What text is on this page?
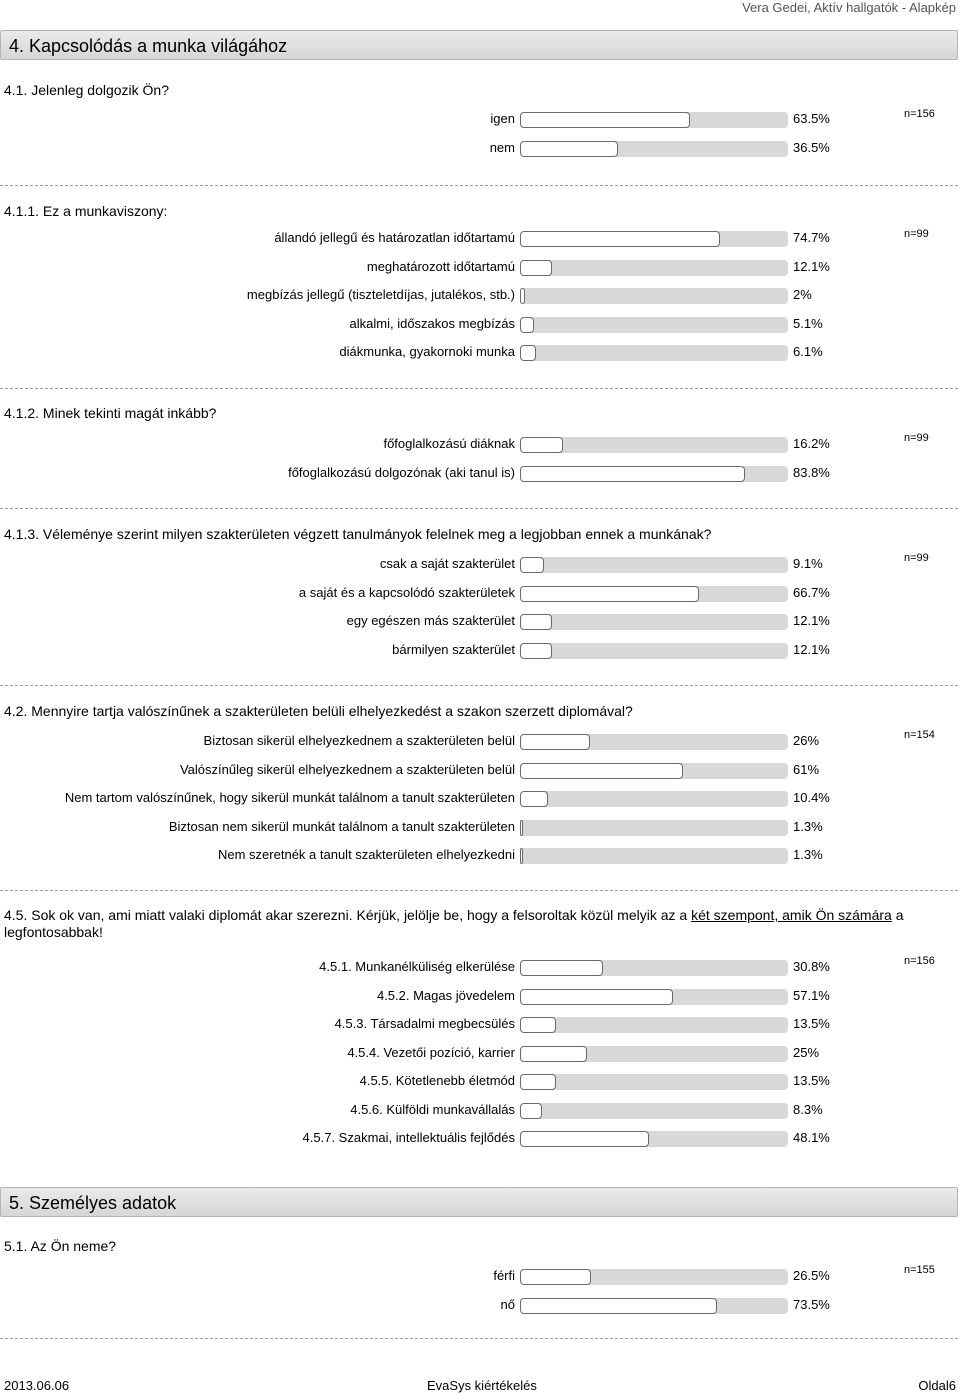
Vera Gedei, Aktív hallgatók - Alapkép
4. Kapcsolódás a munka világához
4.1. Jelenleg dolgozik Ön?
n=156
igen	63.5%
nem	36.5%
4.1.1. Ez a munkaviszony:
n=99
állandó jellegű és határozatlan időtartamú	74.7%
meghatározott időtartamú	12.1%
megbízás jellegű (tiszteletdíjas, jutalékos, stb.)	2%
alkalmi, időszakos megbízás	5.1%
diákmunka, gyakornoki munka	6.1%
4.1.2. Minek tekinti magát inkább?
n=99
főfoglalkozású diáknak	16.2%
főfoglalkozású dolgozónak (aki tanul is)	83.8%
4.1.3. Véleménye szerint milyen szakterületen végzett tanulmányok felelnek meg a legjobban ennek a munkának?
n=99
csak a saját szakterület	9.1%
a saját és a kapcsolódó szakterületek	66.7%
egy egészen más szakterület	12.1%
bármilyen szakterület	12.1%
4.2. Mennyire tartja valószínűnek a szakterületen belüli elhelyezkedést a szakon szerzett diplomával?
n=154
Biztosan sikerül elhelyezkednem a szakterületen belül	26%
Valószínűleg sikerül elhelyezkednem a szakterületen belül	61%
Nem tartom valószínűnek, hogy sikerül munkát találnom a tanult szakterületen	10.4%
Biztosan nem sikerül munkát találnom a tanult szakterületen	1.3%
Nem szeretnék a tanult szakterületen elhelyezkedni	1.3%
4.5. Sok ok van, ami miatt valaki diplomát akar szerezni. Kérjük, jelölje be, hogy a felsoroltak közül melyik az a két szempont, amik Ön számára a legfontosabbak!
n=156
4.5.1. Munkanélküliség elkerülése	30.8%
4.5.2. Magas jövedelem	57.1%
4.5.3. Társadalmi megbecsülés	13.5%
4.5.4. Vezetői pozíció, karrier	25%
4.5.5. Kötetlenebb életmód	13.5%
4.5.6. Külföldi munkavállalás	8.3%
4.5.7. Szakmai, intellektuális fejlődés	48.1%
5. Személyes adatok
5.1. Az Ön neme?
n=155
férfi	26.5%
nő	73.5%
2013.06.06	EvaSys kiértékelés	Oldal6
